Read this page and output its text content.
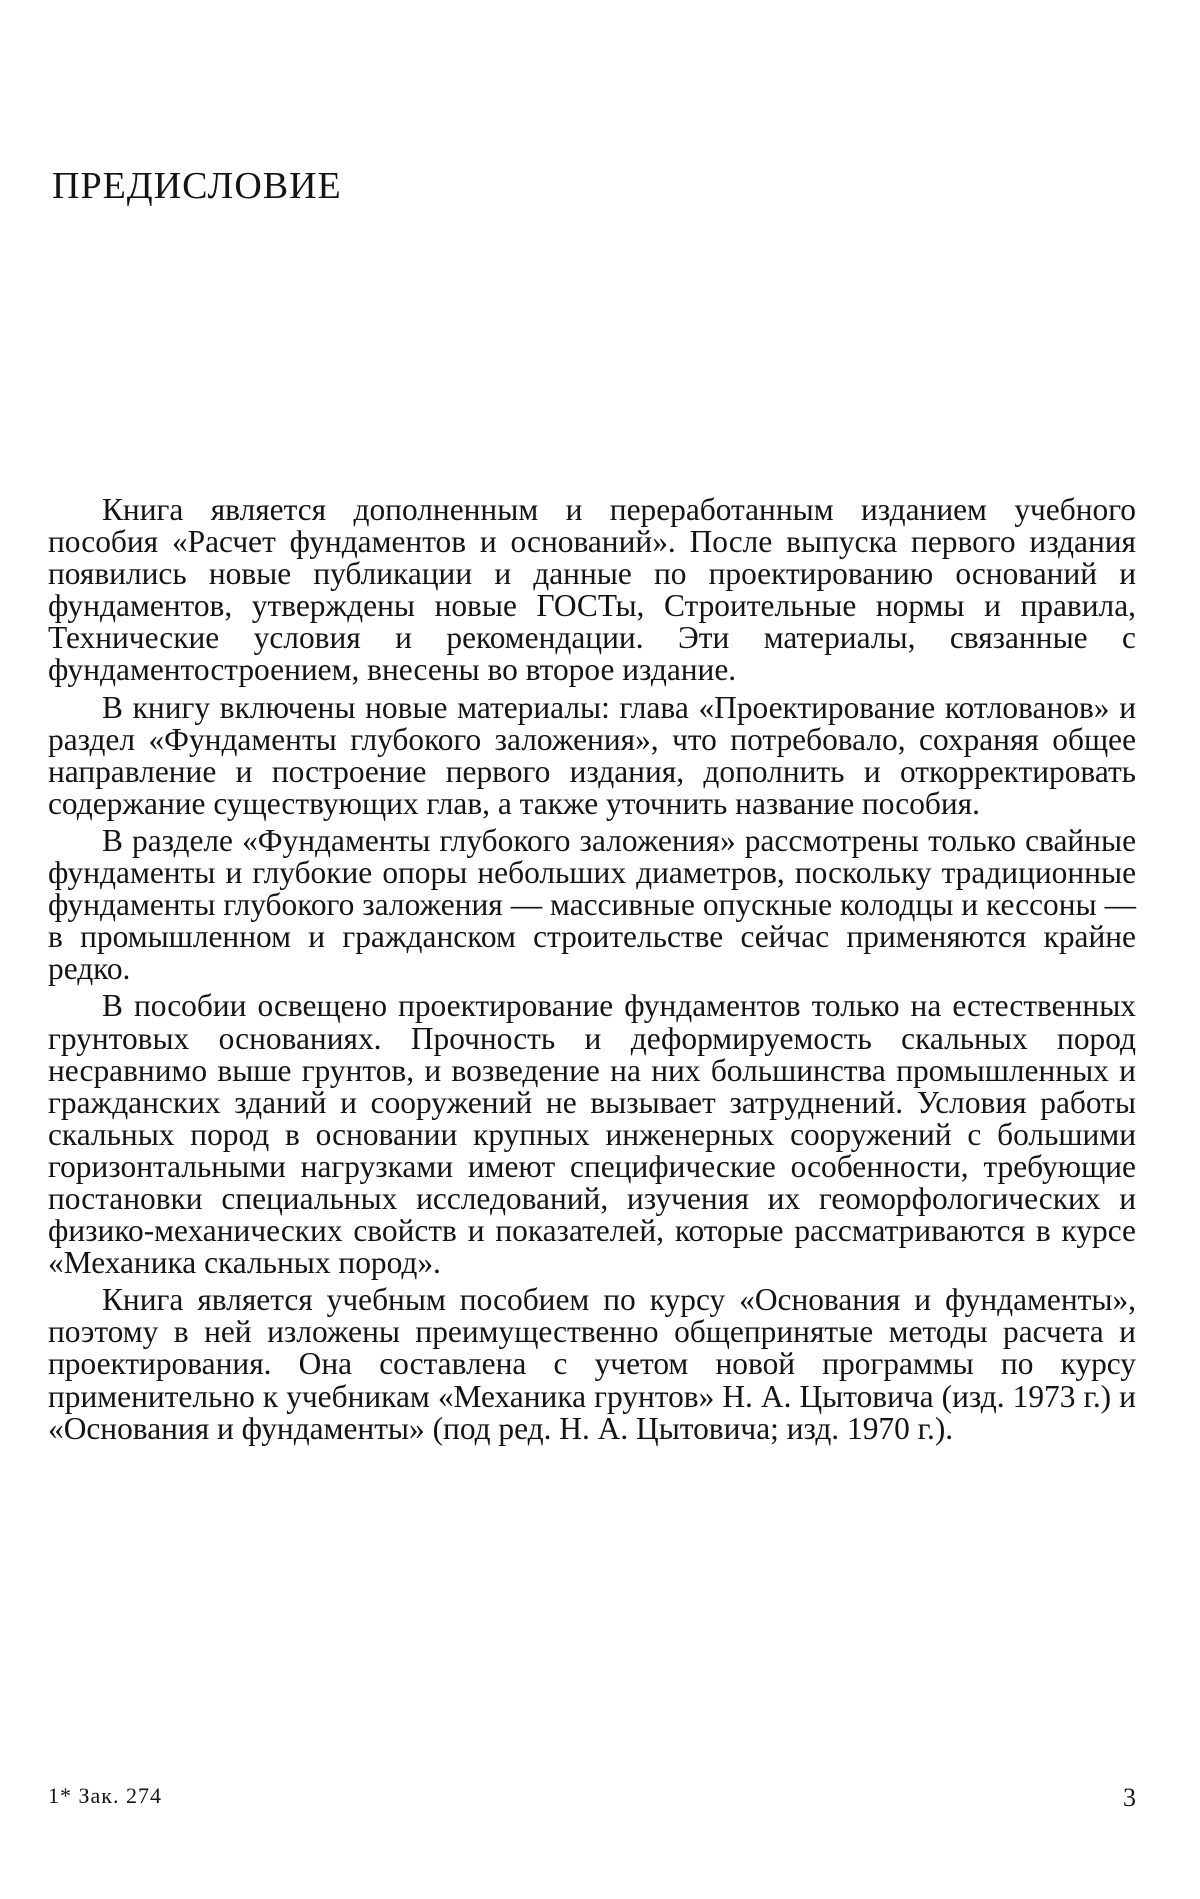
ПРЕДИСЛОВИЕ

Книга является дополненным и переработанным изданием учебного пособия «Расчет фундаментов и оснований». После выпуска первого издания появились новые публикации и данные по проектированию оснований и фундаментов, утверждены новые ГОСТы, Строительные нормы и правила, Технические условия и рекомендации. Эти материалы, связанные с фундаментостроением, внесены во второе издание.

В книгу включены новые материалы: глава «Проектирование котлованов» и раздел «Фундаменты глубокого заложения», что потребовало, сохраняя общее направление и построение первого издания, дополнить и откорректировать содержание существующих глав, а также уточнить название пособия.

В разделе «Фундаменты глубокого заложения» рассмотрены только свайные фундаменты и глубокие опоры небольших диаметров, поскольку традиционные фундаменты глубокого заложения — массивные опускные колодцы и кессоны — в промышленном и гражданском строительстве сейчас применяются крайне редко.

В пособии освещено проектирование фундаментов только на естественных грунтовых основаниях. Прочность и деформируемость скальных пород несравнимо выше грунтов, и возведение на них большинства промышленных и гражданских зданий и сооружений не вызывает затруднений. Условия работы скальных пород в основании крупных инженерных сооружений с большими горизонтальными нагрузками имеют специфические особенности, требующие постановки специальных исследований, изучения их геоморфологических и физико-механических свойств и показателей, которые рассматриваются в курсе «Механика скальных пород».

Книга является учебным пособием по курсу «Основания и фундаменты», поэтому в ней изложены преимущественно общепринятые методы расчета и проектирования. Она составлена с учетом новой программы по курсу применительно к учебникам «Механика грунтов» Н. А. Цытовича (изд. 1973 г.) и «Основания и фундаменты» (под ред. Н. А. Цытовича; изд. 1970 г.).

1* Зак. 274	3
